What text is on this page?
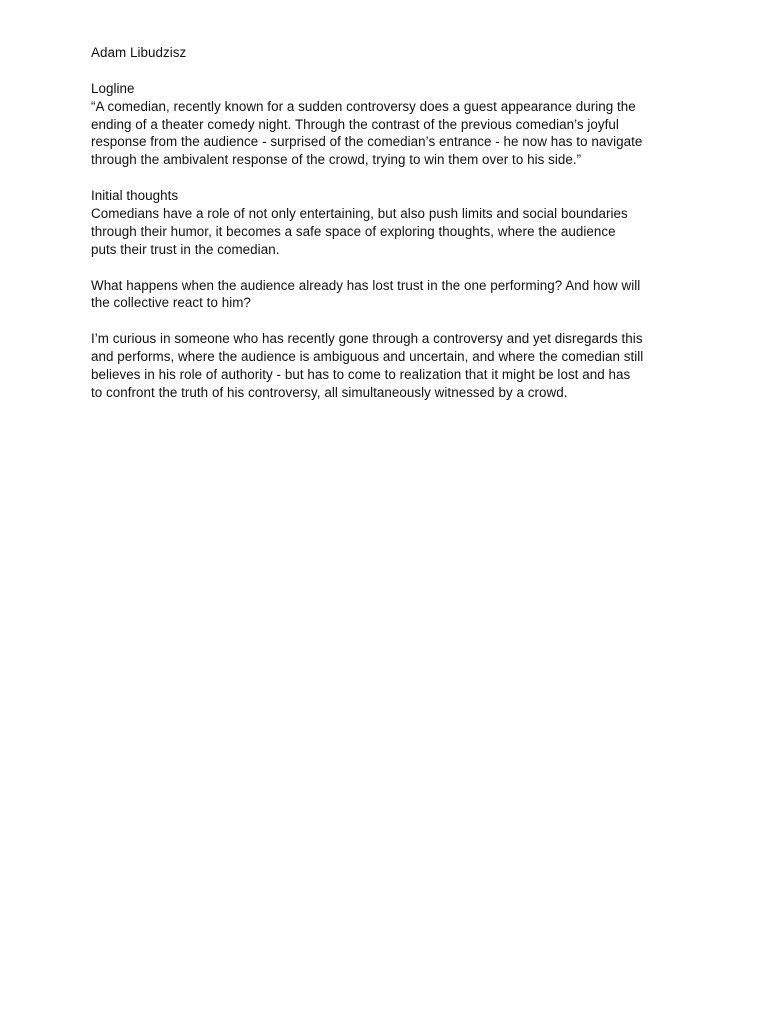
Adam Libudzisz
Logline
“A comedian, recently known for a sudden controversy does a guest appearance during the
ending of a theater comedy night. Through the contrast of the previous comedian’s joyful
response from the audience - surprised of the comedian’s entrance - he now has to navigate
through the ambivalent response of the crowd, trying to win them over to his side.”
Initial thoughts
Comedians have a role of not only entertaining, but also push limits and social boundaries
through their humor, it becomes a safe space of exploring thoughts, where the audience
puts their trust in the comedian.
What happens when the audience already has lost trust in the one performing? And how will
the collective react to him?
I’m curious in someone who has recently gone through a controversy and yet disregards this
and performs, where the audience is ambiguous and uncertain, and where the comedian still
believes in his role of authority - but has to come to realization that it might be lost and has
to confront the truth of his controversy, all simultaneously witnessed by a crowd.
